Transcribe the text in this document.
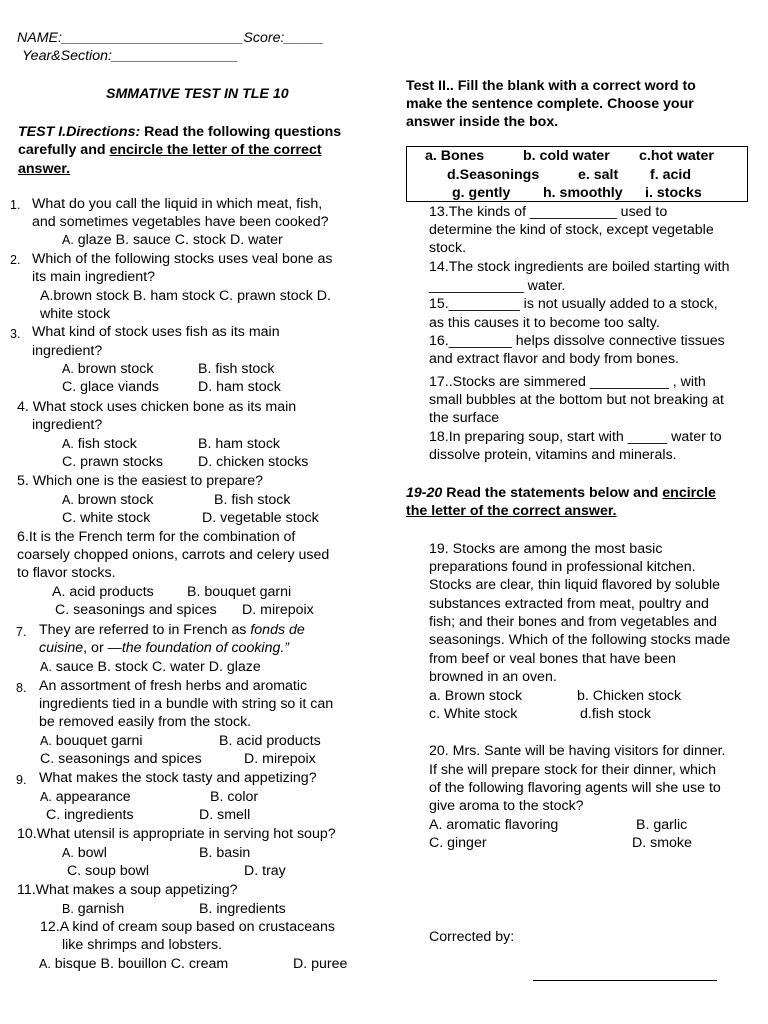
NAME:_______________________Score:_____
Year&Section:________________
SMMATIVE TEST IN TLE 10
TEST I.Directions: Read the following questions
carefully and encircle the letter of the correct
answer.
1. What do you call the liquid in which meat, fish,
and sometimes vegetables have been cooked?
A. glaze B. sauce C. stock D. water
2. Which of the following stocks uses veal bone as
its main ingredient?
A.brown stock B. ham stock C. prawn stock D.
white stock
3. What kind of stock uses fish as its main
ingredient?
A. brown stock	B. fish stock
C. glace viands	D. ham stock
4. What stock uses chicken bone as its main
ingredient?
A. fish stock	B. ham stock
C. prawn stocks D. chicken stocks
5. Which one is the easiest to prepare?
A. brown stock	B. fish stock
C. white stock	D. vegetable stock
6.It is the French term for the combination of
coarsely chopped onions, carrots and celery used
to flavor stocks.
A. acid products B. bouquet garni
C. seasonings and spices D. mirepoix
7. They are referred to in French as fonds de
cuisine, or —the foundation of cooking.”
A. sauce B. stock C. water D. glaze
8. An assortment of fresh herbs and aromatic
ingredients tied in a bundle with string so it can
be removed easily from the stock.
A. bouquet garni	B. acid products
C. seasonings and spices	D. mirepoix
9. What makes the stock tasty and appetizing?
A. appearance	B. color
C. ingredients	D. smell
10.What utensil is appropriate in serving hot soup?
A. bowl	B. basin
C. soup bowl	D. tray
11.What makes a soup appetizing?
B. garnish	B. ingredients
12.A kind of cream soup based on crustaceans
like shrimps and lobsters.
A. bisque B. bouillon C. cream	D. puree
Test II.. Fill the blank with a correct word to
make the sentence complete. Choose your
answer inside the box.
a. Bones	b. cold water c.hot water
d.Seasonings	e. salt f. acid
g. gently h. smoothly i. stocks
13.The kinds of ___________ used to
determine the kind of stock, except vegetable
stock.
14.The stock ingredients are boiled starting with
____________ water.
15._________ is not usually added to a stock,
as this causes it to become too salty.
16.________ helps dissolve connective tissues
and extract flavor and body from bones.
17..Stocks are simmered __________ , with
small bubbles at the bottom but not breaking at
the surface
18.In preparing soup, start with _____ water to
dissolve protein, vitamins and minerals.
19-20 Read the statements below and encircle
the letter of the correct answer.
19. Stocks are among the most basic
preparations found in professional kitchen.
Stocks are clear, thin liquid flavored by soluble
substances extracted from meat, poultry and
fish; and their bones and from vegetables and
seasonings. Which of the following stocks made
from beef or veal bones that have been
browned in an oven.
a. Brown stock	b. Chicken stock
c. White stock	d.fish stock
20. Mrs. Sante will be having visitors for dinner.
If she will prepare stock for their dinner, which
of the following flavoring agents will she use to
give aroma to the stock?
A. aromatic flavoring	B. garlic
C. ginger	D. smoke
Corrected by:
